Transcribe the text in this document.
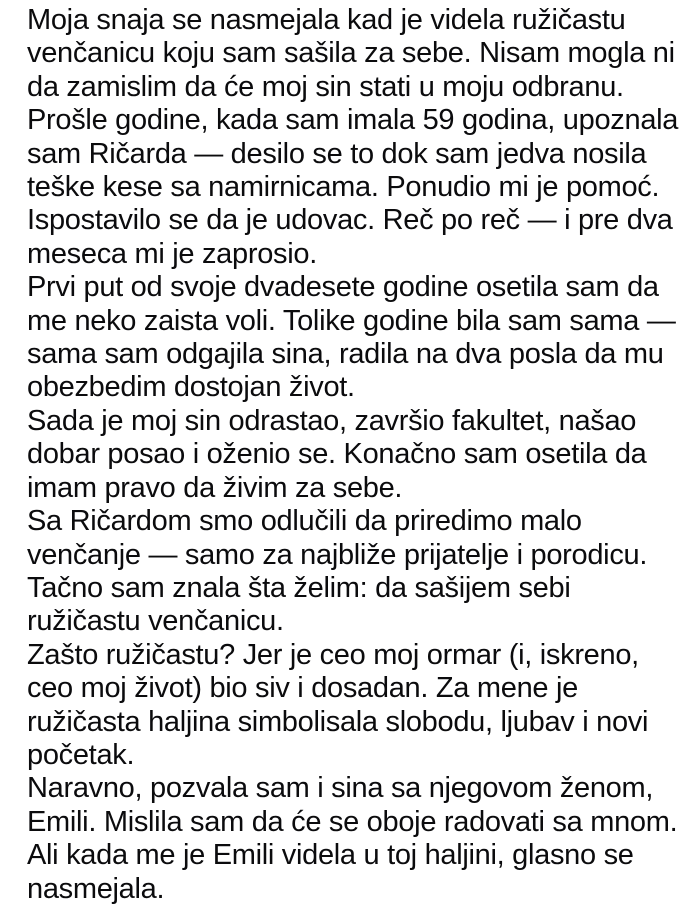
Moja snaja se nasmejala kad je videla ružičastu
venčanicu koju sam sašila za sebe. Nisam mogla ni
da zamislim da će moj sin stati u moju odbranu.
Prošle godine, kada sam imala 59 godina, upoznala
sam Ričarda — desilo se to dok sam jedva nosila
teške kese sa namirnicama. Ponudio mi je pomoć.
Ispostavilo se da je udovac. Reč po reč — i pre dva
meseca mi je zaprosio.
Prvi put od svoje dvadesete godine osetila sam da
me neko zaista voli. Tolike godine bila sam sama —
sama sam odgajila sina, radila na dva posla da mu
obezbedim dostojan život.
Sada je moj sin odrastao, završio fakultet, našao
dobar posao i oženio se. Konačno sam osetila da
imam pravo da živim za sebe.
Sa Ričardom smo odlučili da priredimo malo
venčanje — samo za najbliže prijatelje i porodicu.
Tačno sam znala šta želim: da sašijem sebi
ružičastu venčanicu.
Zašto ružičastu? Jer je ceo moj ormar (i, iskreno,
ceo moj život) bio siv i dosadan. Za mene je
ružičasta haljina simbolisala slobodu, ljubav i novi
početak.
Naravno, pozvala sam i sina sa njegovom ženom,
Emili. Mislila sam da će se oboje radovati sa mnom.
Ali kada me je Emili videla u toj haljini, glasno se
nasmejala.
